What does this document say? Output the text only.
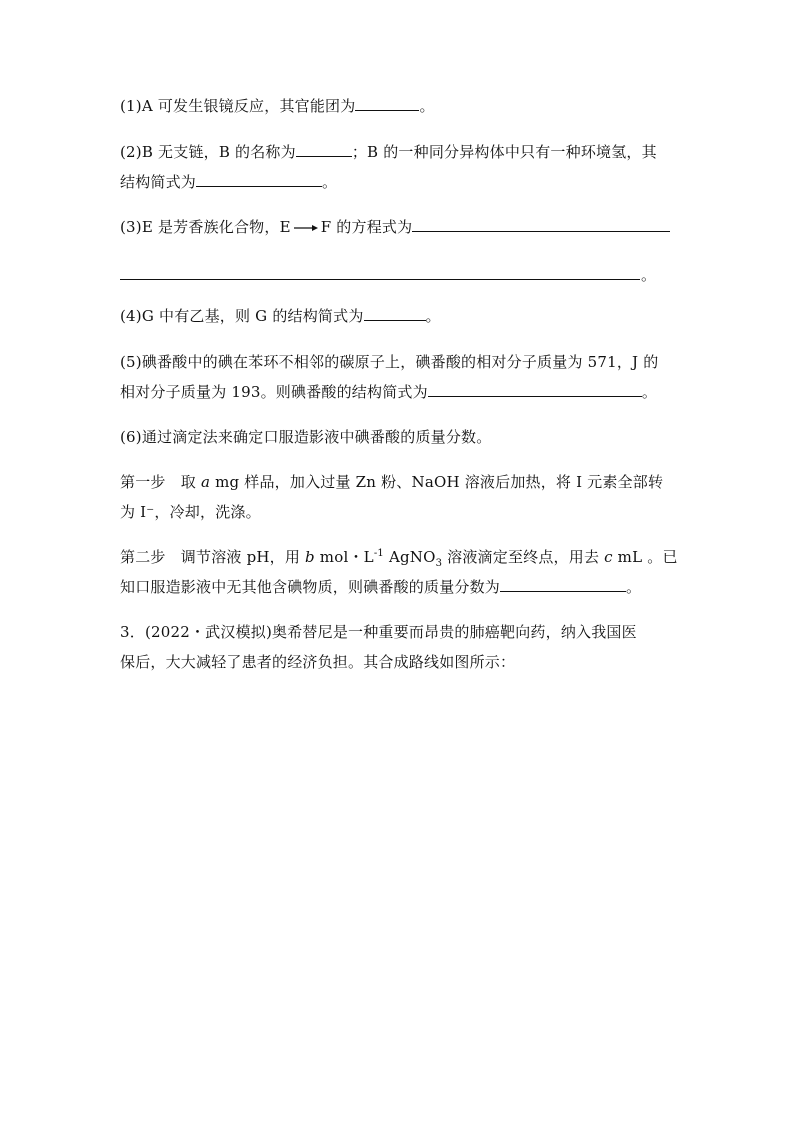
(1)A 可发生银镜反应，其官能团为	。
(2)B 无支链，B 的名称为	；B 的一种同分异构体中只有一种环境氢，其
结构简式为	。
(3)E 是芳香族化合物，E → F 的方程式为
。
(4)G 中有乙基，则 G 的结构简式为	。
(5)碘番酸中的碘在苯环不相邻的碳原子上，碘番酸的相对分子质量为 571，J 的
相对分子质量为 193。则碘番酸的结构简式为	。
(6)通过滴定法来确定口服造影液中碘番酸的质量分数。
第一步　取 a mg 样品，加入过量 Zn 粉、NaOH 溶液后加热，将 I 元素全部转
为 I⁻，冷却，洗涤。
第二步　调节溶液 pH，用 b mol・$L^{-1}$ AgNO$_3$ 溶液滴定至终点，用去 c mL 。已
知口服造影液中无其他含碘物质，则碘番酸的质量分数为	。
3．(2022・武汉模拟)奥希替尼是一种重要而昂贵的肺癌靶向药，纳入我国医
保后，大大减轻了患者的经济负担。其合成路线如图所示：
